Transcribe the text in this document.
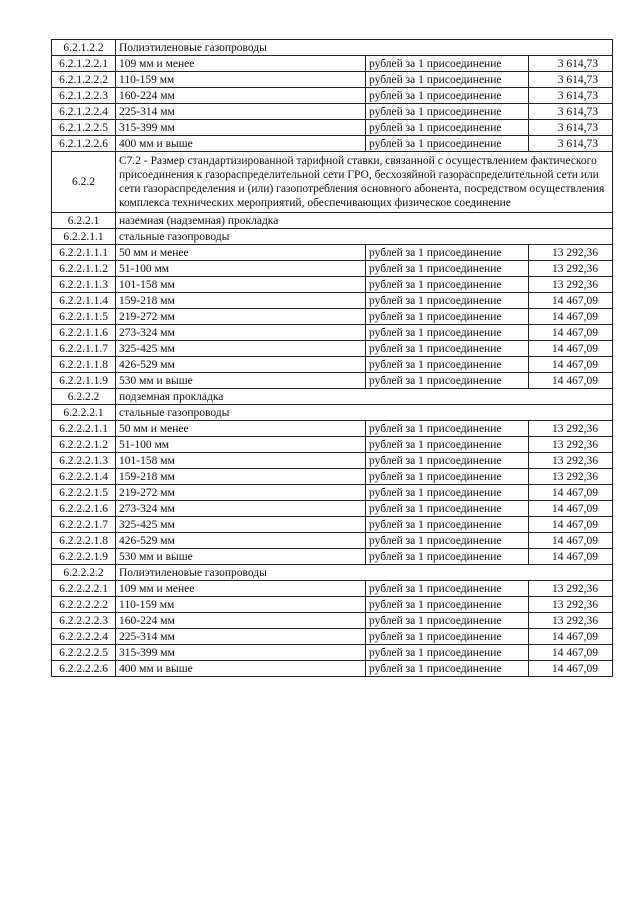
6.2.1.2.2	Полиэтиленовые газопроводы		
6.2.1.2.2.1	109 мм и менее	рублей за 1 присоединение	3 614,73
6.2.1.2.2.2	110-159 мм	рублей за 1 присоединение	3 614,73
6.2.1.2.2.3	160-224 мм	рублей за 1 присоединение	3 614,73
6.2.1.2.2.4	225-314 мм	рублей за 1 присоединение	3 614,73
6.2.1.2.2.5	315-399 мм	рублей за 1 присоединение	3 614,73
6.2.1.2.2.6	400 мм и выше	рублей за 1 присоединение	3 614,73
6.2.2	С7.2 - Размер стандартизированной тарифной ставки, связанной с осуществлением фактического присоединения к газораспределительной сети ГРО, бесхозяйной газораспределительной сети или сети газораспределения и (или) газопотребления основного абонента, посредством осуществления комплекса технических мероприятий, обеспечивающих физическое соединение		
6.2.2.1	наземная (надземная) прокладка		
6.2.2.1.1	стальные газопроводы		
6.2.2.1.1.1	50 мм и менее	рублей за 1 присоединение	13 292,36
6.2.2.1.1.2	51-100 мм	рублей за 1 присоединение	13 292,36
6.2.2.1.1.3	101-158 мм	рублей за 1 присоединение	13 292,36
6.2.2.1.1.4	159-218 мм	рублей за 1 присоединение	14 467,09
6.2.2.1.1.5	219-272 мм	рублей за 1 присоединение	14 467,09
6.2.2.1.1.6	273-324 мм	рублей за 1 присоединение	14 467,09
6.2.2.1.1.7	325-425 мм	рублей за 1 присоединение	14 467,09
6.2.2.1.1.8	426-529 мм	рублей за 1 присоединение	14 467,09
6.2.2.1.1.9	530 мм и выше	рублей за 1 присоединение	14 467,09
6.2.2.2	подземная прокладка		
6.2.2.2.1	стальные газопроводы		
6.2.2.2.1.1	50 мм и менее	рублей за 1 присоединение	13 292,36
6.2.2.2.1.2	51-100 мм	рублей за 1 присоединение	13 292,36
6.2.2.2.1.3	101-158 мм	рублей за 1 присоединение	13 292,36
6.2.2.2.1.4	159-218 мм	рублей за 1 присоединение	13 292,36
6.2.2.2.1.5	219-272 мм	рублей за 1 присоединение	14 467,09
6.2.2.2.1.6	273-324 мм	рублей за 1 присоединение	14 467,09
6.2.2.2.1.7	325-425 мм	рублей за 1 присоединение	14 467,09
6.2.2.2.1.8	426-529 мм	рублей за 1 присоединение	14 467,09
6.2.2.2.1.9	530 мм и выше	рублей за 1 присоединение	14 467,09
6.2.2.2.2	Полиэтиленовые газопроводы		
6.2.2.2.2.1	109 мм и менее	рублей за 1 присоединение	13 292,36
6.2.2.2.2.2	110-159 мм	рублей за 1 присоединение	13 292,36
6.2.2.2.2.3	160-224 мм	рублей за 1 присоединение	13 292,36
6.2.2.2.2.4	225-314 мм	рублей за 1 присоединение	14 467,09
6.2.2.2.2.5	315-399 мм	рублей за 1 присоединение	14 467,09
6.2.2.2.2.6	400 мм и выше	рублей за 1 присоединение	14 467,09
